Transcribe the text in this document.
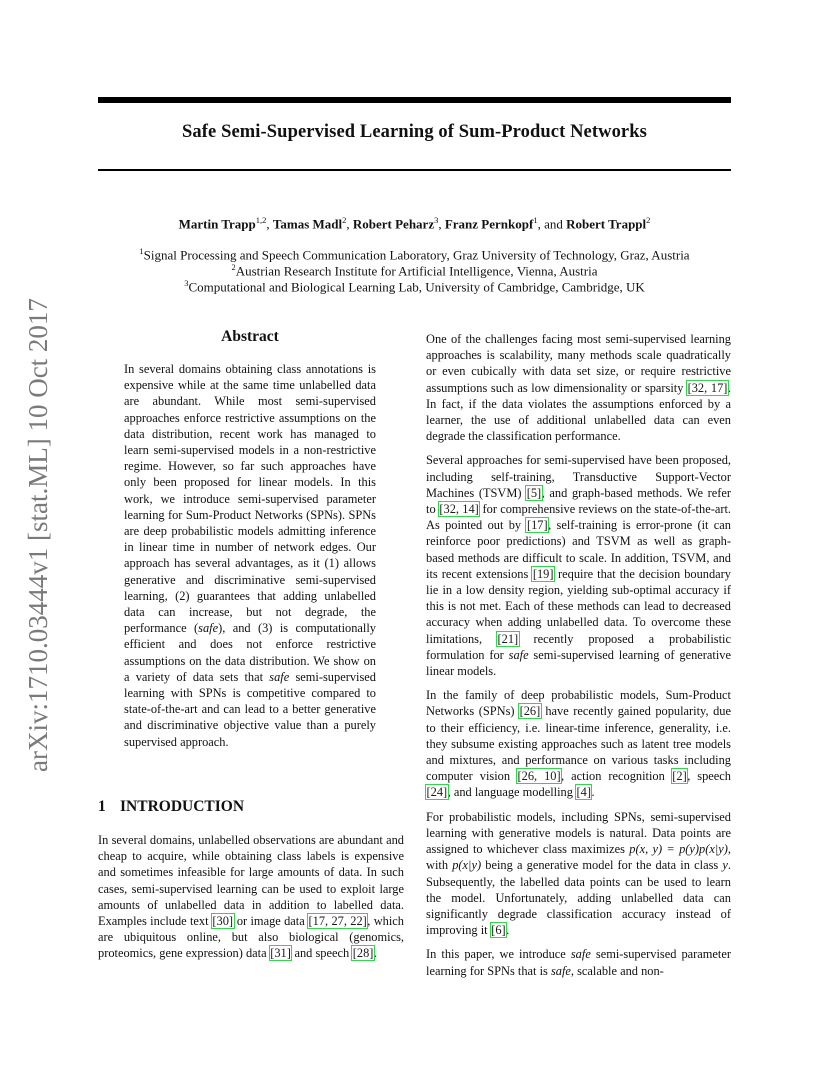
arXiv:1710.03444v1 [stat.ML] 10 Oct 2017
Safe Semi-Supervised Learning of Sum-Product Networks
Martin Trapp$^{1,2}$, Tamas Madl$^2$, Robert Peharz$^3$, Franz Pernkopf$^1$, and Robert Trappl$^2$
$^1$Signal Processing and Speech Communication Laboratory, Graz University of Technology, Graz, Austria
$^2$Austrian Research Institute for Artificial Intelligence, Vienna, Austria
$^3$Computational and Biological Learning Lab, University of Cambridge, Cambridge, UK
Abstract

In several domains obtaining class annotations is expensive while at the same time unlabelled data are abundant. While most semi-supervised approaches enforce restrictive assumptions on the data distribution, recent work has managed to learn semi-supervised models in a non-restrictive regime. However, so far such approaches have only been proposed for linear models. In this work, we introduce semi-supervised parameter learning for Sum-Product Networks (SPNs). SPNs are deep probabilistic models admitting inference in linear time in number of network edges. Our approach has several advantages, as it (1) allows generative and discriminative semi-supervised learning, (2) guarantees that adding unlabelled data can increase, but not degrade, the performance (safe), and (3) is computationally efficient and does not enforce restrictive assumptions on the data distribution. We show on a variety of data sets that safe semi-supervised learning with SPNs is competitive compared to state-of-the-art and can lead to a better generative and discriminative objective value than a purely supervised approach.

1 INTRODUCTION

In several domains, unlabelled observations are abundant and cheap to acquire, while obtaining class labels is expensive and sometimes infeasible for large amounts of data. In such cases, semi-supervised learning can be used to exploit large amounts of unlabelled data in addition to labelled data. Examples include text [30] or image data [17, 27, 22], which are ubiquitous online, but also biological (genomics, proteomics, gene expression) data [31] and speech [28].

One of the challenges facing most semi-supervised learning approaches is scalability, many methods scale quadratically or even cubically with data set size, or require restrictive assumptions such as low dimensionality or sparsity [32, 17]. In fact, if the data violates the assumptions enforced by a learner, the use of additional unlabelled data can even degrade the classification performance.

Several approaches for semi-supervised have been proposed, including self-training, Transductive Support-Vector Machines (TSVM) [5], and graph-based methods. We refer to [32, 14] for comprehensive reviews on the state-of-the-art. As pointed out by [17], self-training is error-prone (it can reinforce poor predictions) and TSVM as well as graph-based methods are difficult to scale. In addition, TSVM, and its recent extensions [19] require that the decision boundary lie in a low density region, yielding sub-optimal accuracy if this is not met. Each of these methods can lead to decreased accuracy when adding unlabelled data. To overcome these limitations, [21] recently proposed a probabilistic formulation for safe semi-supervised learning of generative linear models.

In the family of deep probabilistic models, Sum-Product Networks (SPNs) [26] have recently gained popularity, due to their efficiency, i.e. linear-time inference, generality, i.e. they subsume existing approaches such as latent tree models and mixtures, and performance on various tasks including computer vision [26, 10], action recognition [2], speech [24], and language modelling [4].

For probabilistic models, including SPNs, semi-supervised learning with generative models is natural. Data points are assigned to whichever class maximizes p(x, y) = p(y)p(x|y), with p(x|y) being a generative model for the data in class y. Subsequently, the labelled data points can be used to learn the model. Unfortunately, adding unlabelled data can significantly degrade classification accuracy instead of improving it [6].

In this paper, we introduce safe semi-supervised parameter learning for SPNs that is safe, scalable and non-
